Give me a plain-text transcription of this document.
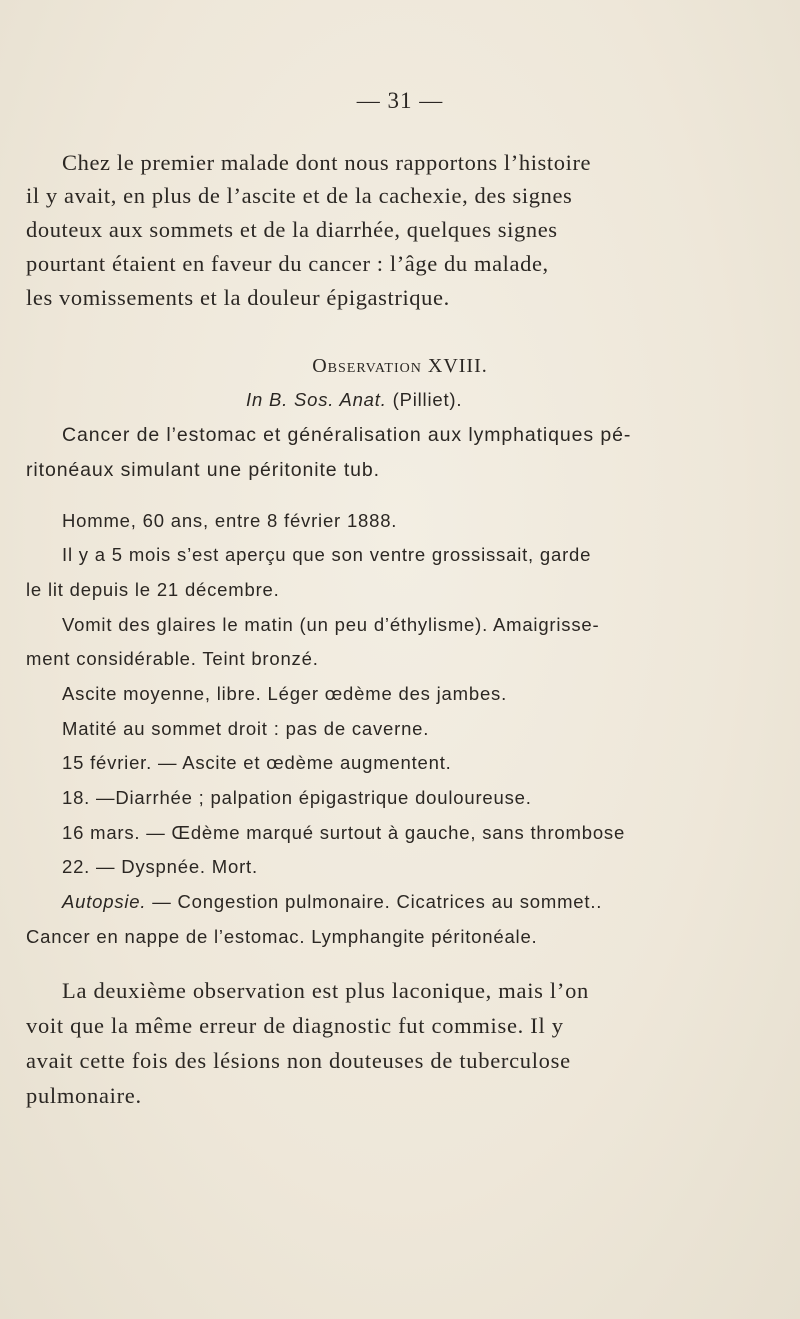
— 31 —

Chez le premier malade dont nous rapportons l’histoire

il y avait, en plus de l’ascite et de la cachexie, des signes

douteux aux sommets et de la diarrhée, quelques signes

pourtant étaient en faveur du cancer : l’âge du malade,

les vomissements et la douleur épigastrique.

Observation XVIII.

In B. Sos. Anat. (Pilliet).

Cancer de l’estomac et généralisation aux lymphatiques pé-

ritonéaux simulant une péritonite tub.

Homme, 60 ans, entre 8 février 1888.

Il y a 5 mois s’est aperçu que son ventre grossissait, garde

le lit depuis le 21 décembre.

Vomit des glaires le matin (un peu d’éthylisme). Amaigrisse-

ment considérable. Teint bronzé.

Ascite moyenne, libre. Léger œdème des jambes.

Matité au sommet droit : pas de caverne.

15 février. — Ascite et œdème augmentent.

18. —Diarrhée ; palpation épigastrique douloureuse.

16 mars. — Œdème marqué surtout à gauche, sans thrombose

22. — Dyspnée. Mort.

Autopsie. — Congestion pulmonaire. Cicatrices au sommet..

Cancer en nappe de l’estomac. Lymphangite péritonéale.

La deuxième observation est plus laconique, mais l’on

voit que la même erreur de diagnostic fut commise. Il y

avait cette fois des lésions non douteuses de tuberculose

pulmonaire.
